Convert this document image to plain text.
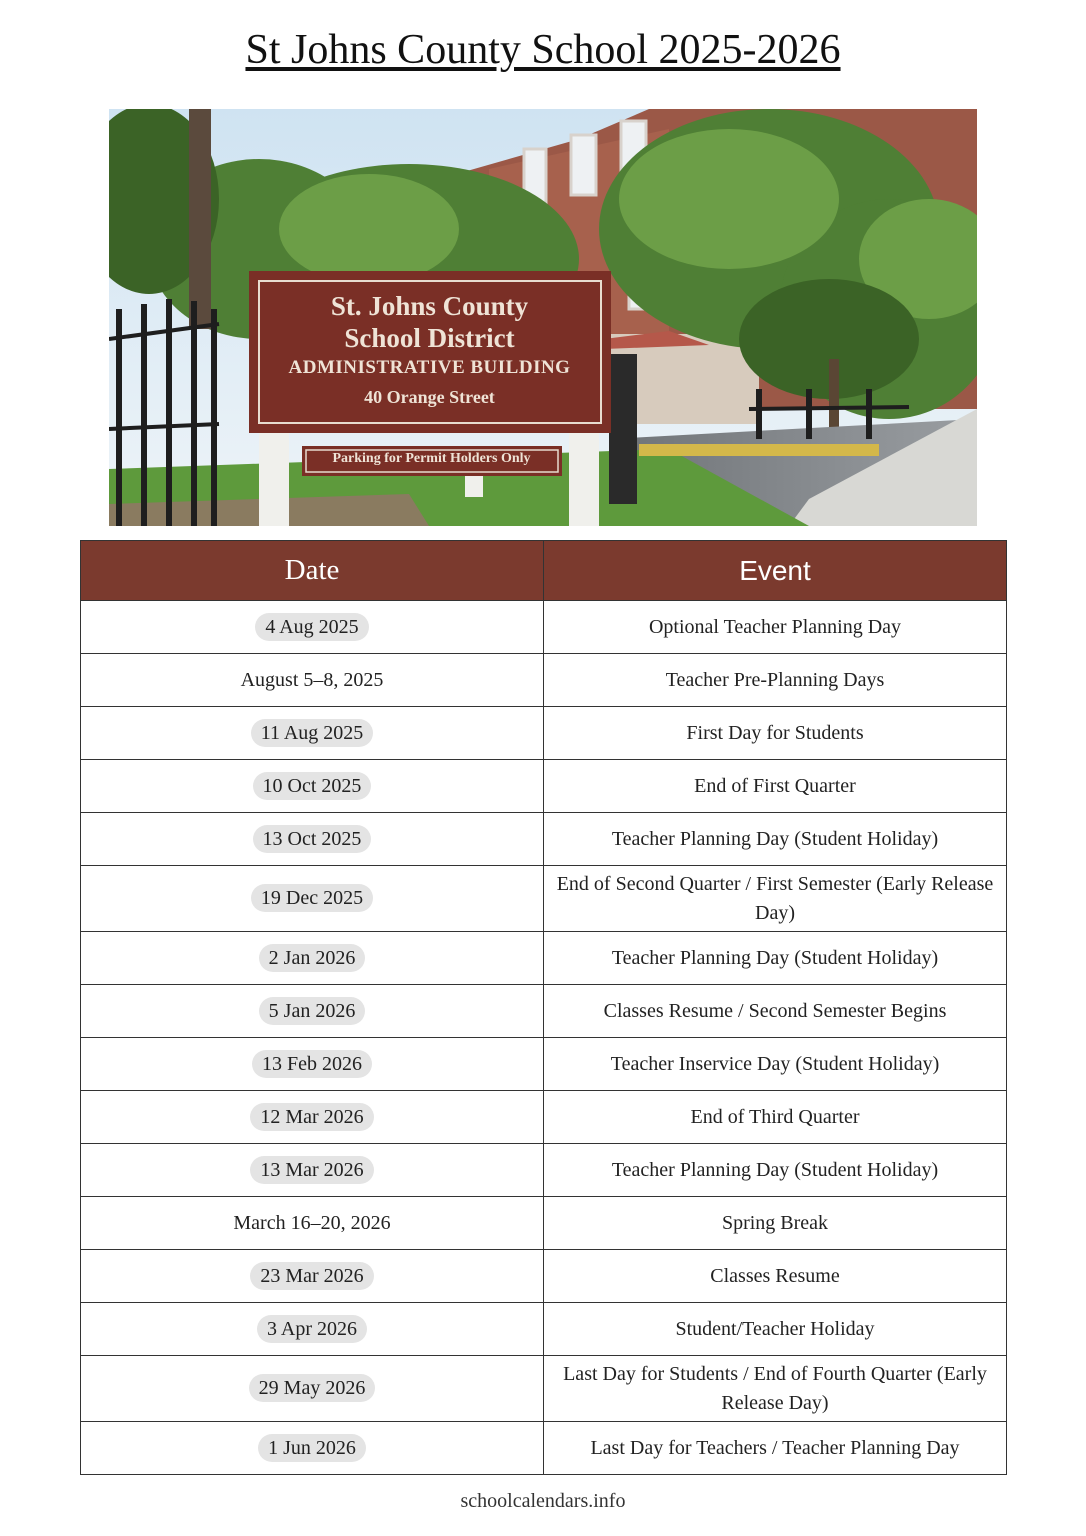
St Johns County School 2025-2026
St. Johns County
School District
ADMINISTRATIVE BUILDING
40 Orange Street
Parking for Permit Holders Only
Date	Event
4 Aug 2025	Optional Teacher Planning Day
August 5–8, 2025	Teacher Pre-Planning Days
11 Aug 2025	First Day for Students
10 Oct 2025	End of First Quarter
13 Oct 2025	Teacher Planning Day (Student Holiday)
19 Dec 2025	End of Second Quarter / First Semester (Early Release Day)
2 Jan 2026	Teacher Planning Day (Student Holiday)
5 Jan 2026	Classes Resume / Second Semester Begins
13 Feb 2026	Teacher Inservice Day (Student Holiday)
12 Mar 2026	End of Third Quarter
13 Mar 2026	Teacher Planning Day (Student Holiday)
March 16–20, 2026	Spring Break
23 Mar 2026	Classes Resume
3 Apr 2026	Student/Teacher Holiday
29 May 2026	Last Day for Students / End of Fourth Quarter (Early Release Day)
1 Jun 2026	Last Day for Teachers / Teacher Planning Day
schoolcalendars.info
